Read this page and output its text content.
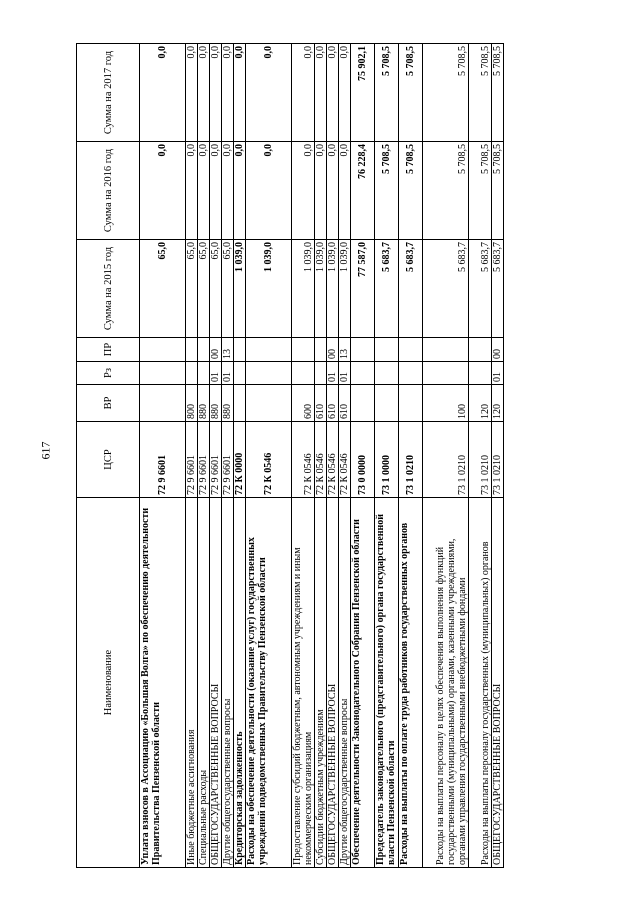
617
Наименование	ЦСР	ВР	Рз	ПР	Сумма на 2015 год	Сумма на 2016 год	Сумма на 2017 год
Уплата взносов в Ассоциацию «Большая Волга» по обеспечению деятельности Правительства Пензенской области	72 9 6601				65,0	0,0	0,0
Иные бюджетные ассигнования	72 9 6601	800			65,0	0,0	0,0
Специальные расходы	72 9 6601	880			65,0	0,0	0,0
ОБЩЕГОСУДАРСТВЕННЫЕ ВОПРОСЫ	72 9 6601	880	01	00	65,0	0,0	0,0
Другие общегосударственные вопросы	72 9 6601	880	01	13	65,0	0,0	0,0
Кредиторская задолженность	72 К 0000				1 039,0	0,0	0,0
Расходы на обеспечение деятельности (оказание услуг) государственных учреждений подведомственных Правительству Пензенской области	72 К 0546				1 039,0	0,0	0,0
Предоставление субсидий бюджетным, автономным учреждениям и иным некоммерческим организациям	72 К 0546	600			1 039,0	0,0	0,0
Субсидии бюджетным учреждениям	72 К 0546	610			1 039,0	0,0	0,0
ОБЩЕГОСУДАРСТВЕННЫЕ ВОПРОСЫ	72 К 0546	610	01	00	1 039,0	0,0	0,0
Другие общегосударственные вопросы	72 К 0546	610	01	13	1 039,0	0,0	0,0
Обеспечение деятельности Законодательного Собрания Пензенской области	73 0 0000				77 587,0	76 228,4	75 902,1
Председатель законодательного (представительного) органа государственной власти Пензенской области	73 1 0000				5 683,7	5 708,5	5 708,5
Расходы на выплаты по оплате труда работников государственных органов	73 1 0210				5 683,7	5 708,5	5 708,5
Расходы на выплаты персоналу в целях обеспечения выполнения функций государственными (муниципальными) органами, казенными учреждениями, органами управления государственными внебюджетными фондами	73 1 0210	100			5 683,7	5 708,5	5 708,5
Расходы на выплаты персоналу государственных (муниципальных) органов	73 1 0210	120			5 683,7	5 708,5	5 708,5
ОБЩЕГОСУДАРСТВЕННЫЕ ВОПРОСЫ	73 1 0210	120	01	00	5 683,7	5 708,5	5 708,5
